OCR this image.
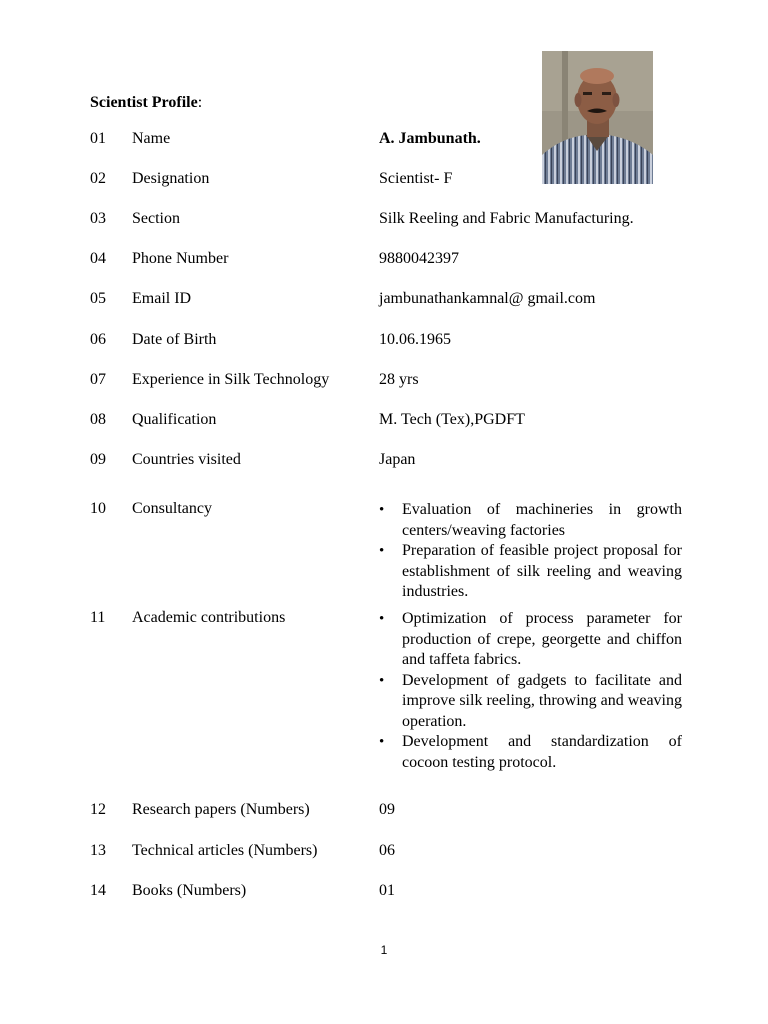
Scientist Profile:
01 Name	A. Jambunath.
02 Designation	Scientist- F
03 Section	Silk Reeling and Fabric Manufacturing.
04 Phone Number	9880042397
05 Email ID	jambunathankamnal@ gmail.com
06 Date of Birth	10.06.1965
07 Experience in Silk Technology	28 yrs
08 Qualification	M. Tech (Tex),PGDFT
09 Countries visited	Japan
10 Consultancy	• Evaluation of machineries in growth centers/weaving factories
• Preparation of feasible project proposal for establishment of silk reeling and weaving industries.
11 Academic contributions	• Optimization of process parameter for production of crepe, georgette and chiffon and taffeta fabrics.
• Development of gadgets to facilitate and improve silk reeling, throwing and weaving operation.
• Development and standardization of cocoon testing protocol.
12 Research papers (Numbers)	09
13 Technical articles (Numbers)	06
14 Books (Numbers)	01
1
